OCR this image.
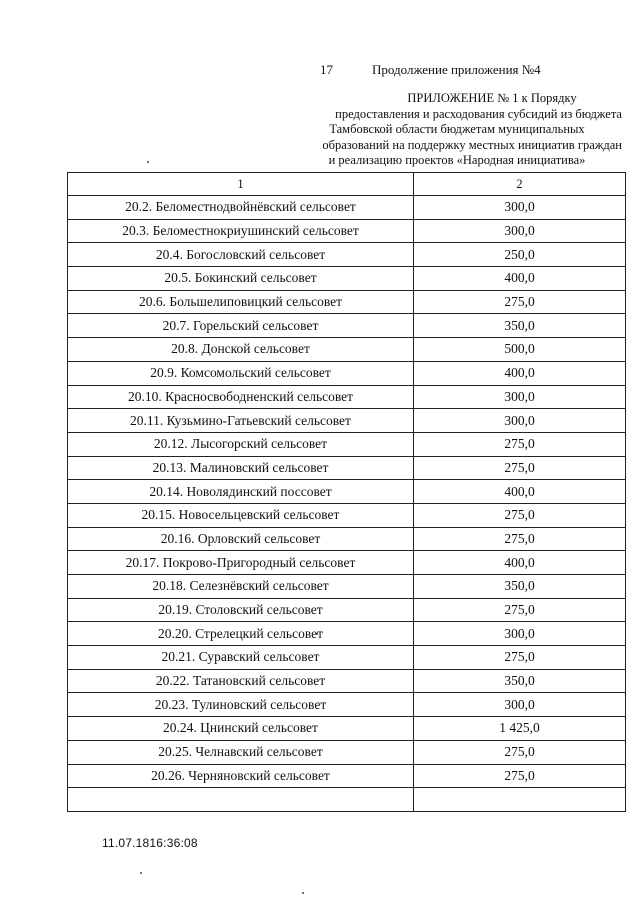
17	Продолжение приложения №4
ПРИЛОЖЕНИЕ № 1 к Порядку
предоставления и расходования субсидий из бюджета
Тамбовской области бюджетам муниципальных
образований на поддержку местных инициатив граждан
и реализацию проектов «Народная инициатива»
1	2
20.2. Беломестнодвойнёвский сельсовет	300,0
20.3. Беломестнокриушинский сельсовет	300,0
20.4. Богословский сельсовет	250,0
20.5. Бокинский сельсовет	400,0
20.6. Большелиповицкий сельсовет	275,0
20.7. Горельский сельсовет	350,0
20.8. Донской сельсовет	500,0
20.9. Комсомольский сельсовет	400,0
20.10. Красносвободненский сельсовет	300,0
20.11. Кузьмино-Гатьевский сельсовет	300,0
20.12. Лысогорский сельсовет	275,0
20.13. Малиновский сельсовет	275,0
20.14. Новолядинский поссовет	400,0
20.15. Новосельцевский сельсовет	275,0
20.16. Орловский сельсовет	275,0
20.17. Покрово-Пригородный сельсовет	400,0
20.18. Селезнёвский сельсовет	350,0
20.19. Столовский сельсовет	275,0
20.20. Стрелецкий сельсовет	300,0
20.21. Суравский сельсовет	275,0
20.22. Татановский сельсовет	350,0
20.23. Тулиновский сельсовет	300,0
20.24. Цнинский сельсовет	1 425,0
20.25. Челнавский сельсовет	275,0
20.26. Черняновский сельсовет	275,0

11.07.1816:36:08
